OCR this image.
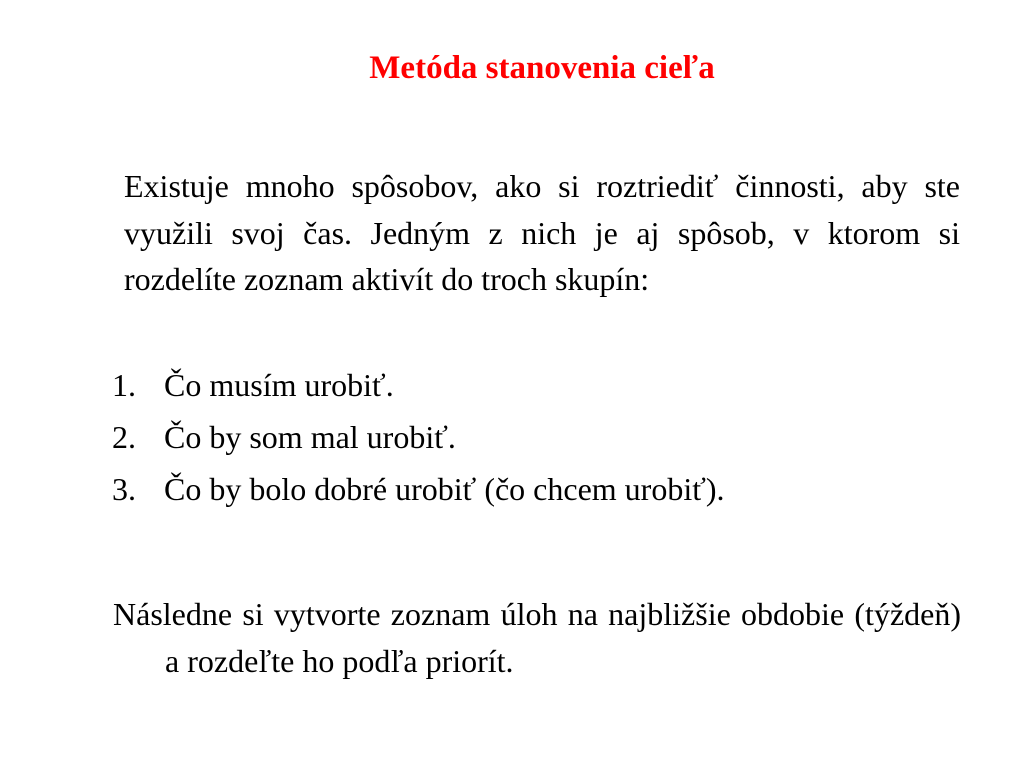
Metóda stanovenia cieľa
Existuje mnoho spôsobov, ako si roztriediť činnosti, aby ste využili svoj čas. Jedným z nich je aj spôsob, v ktorom si rozdelíte zoznam aktivít do troch skupín:
1. Čo musím urobiť.
2. Čo by som mal urobiť.
3. Čo by bolo dobré urobiť (čo chcem urobiť).
Následne si vytvorte zoznam úloh na najbližšie obdobie (týždeň) a rozdeľte ho podľa priorít.
